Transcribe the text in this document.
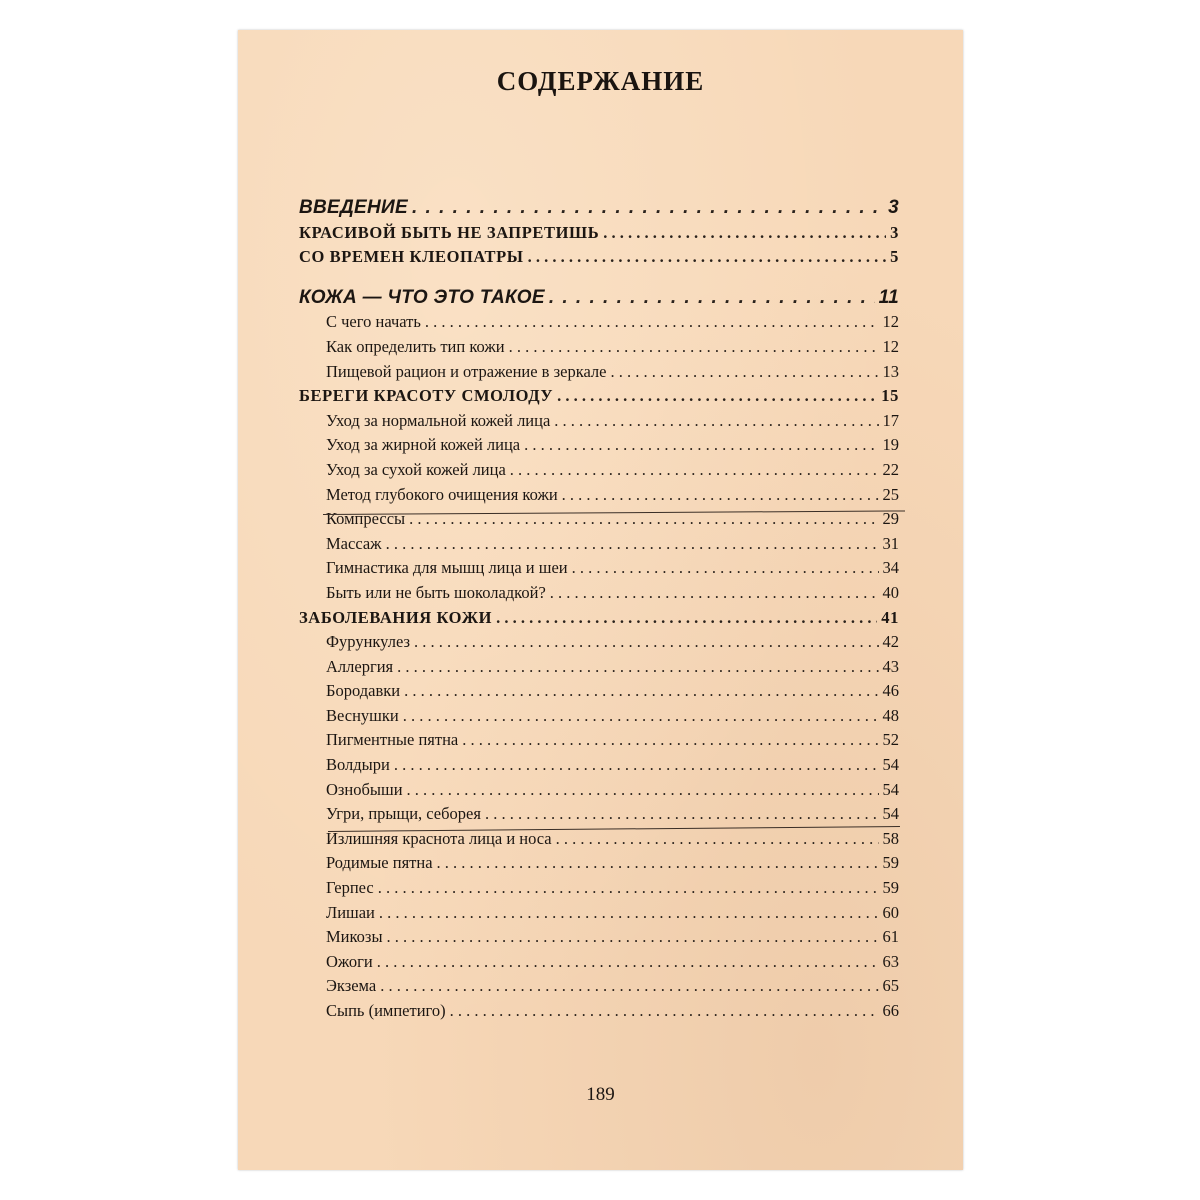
СОДЕРЖАНИЕ
ВВЕДЕНИЕ . . .	3
КРАСИВОЙ БЫТЬ НЕ ЗАПРЕТИШЬ . . .	3
СО ВРЕМЕН КЛЕОПАТРЫ . . .	5
КОЖА — ЧТО ЭТО ТАКОЕ . . .	11
С чего начать . . .	12
Как определить тип кожи . . .	12
Пищевой рацион и отражение в зеркале . . .	13
БЕРЕГИ КРАСОТУ СМОЛОДУ . . .	15
Уход за нормальной кожей лица . . .	17
Уход за жирной кожей лица . . .	19
Уход за сухой кожей лица . . .	22
Метод глубокого очищения кожи . . .	25
Компрессы . . .	29
Массаж . . .	31
Гимнастика для мышц лица и шеи . . .	34
Быть или не быть шоколадкой? . . .	40
ЗАБОЛЕВАНИЯ КОЖИ . . .	41
Фурункулез . . .	42
Аллергия . . .	43
Бородавки . . .	46
Веснушки . . .	48
Пигментные пятна . . .	52
Волдыри . . .	54
Ознобыши . . .	54
Угри, прыщи, себорея . . .	54
Излишняя краснота лица и носа . . .	58
Родимые пятна . . .	59
Герпес . . .	59
Лишаи . . .	60
Микозы . . .	61
Ожоги . . .	63
Экзема . . .	65
Сыпь (импетиго) . . .	66
189
